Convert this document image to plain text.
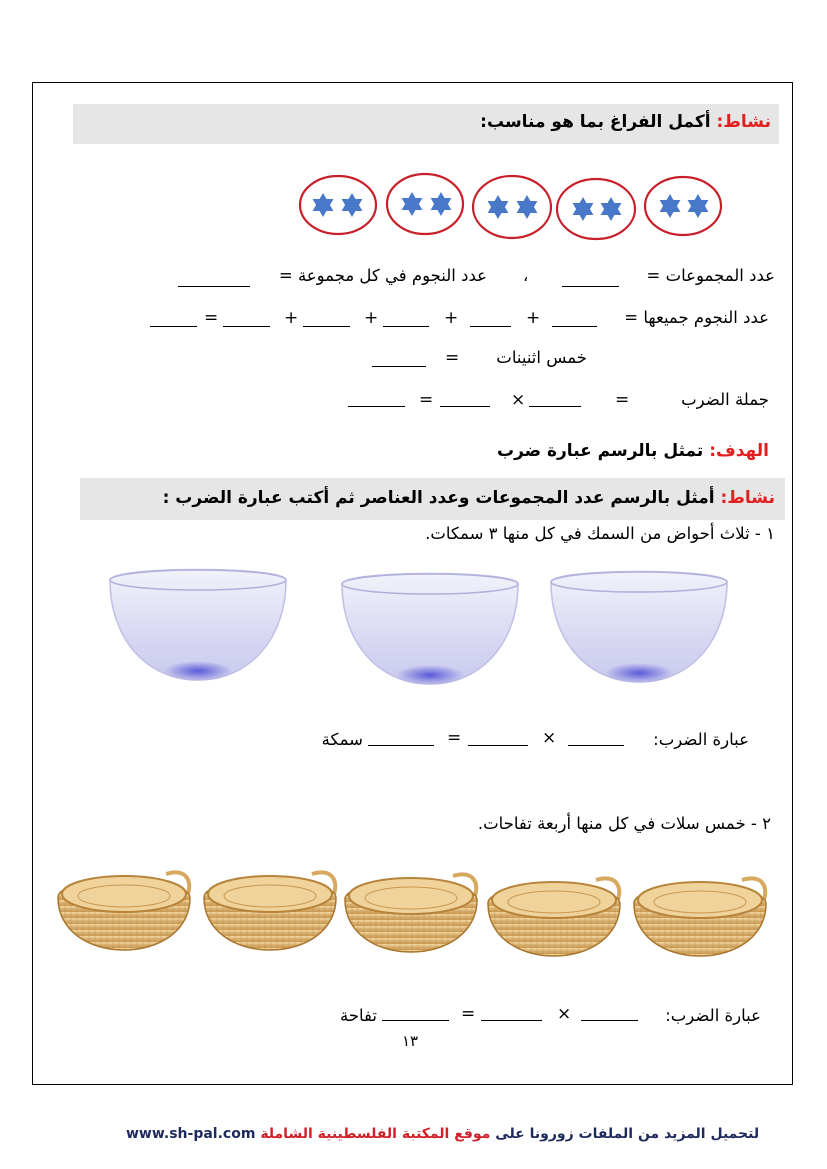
نشاط: أكمل الفراغ بما هو مناسب:
عدد المجموعات =
،
عدد النجوم في كل مجموعة =
عدد النجوم جميعها =
+
+
+
+
=
خمس اثنينات
=
جملة الضرب
=
×
=
الهدف: تمثل بالرسم عبارة ضرب
نشاط: أمثل بالرسم عدد المجموعات وعدد العناصر ثم أكتب عبارة الضرب :
١ - ثلاث أحواض من السمك في كل منها ٣ سمكات.
عبارة الضرب:
×
=
سمكة
٢ - خمس سلات في كل منها أربعة تفاحات.
عبارة الضرب:
×
=
تفاحة
١٣
www.sh-pal.com	لتحميل المزيد من الملفات زورونا على موقع المكتبة الفلسطينية الشاملة
